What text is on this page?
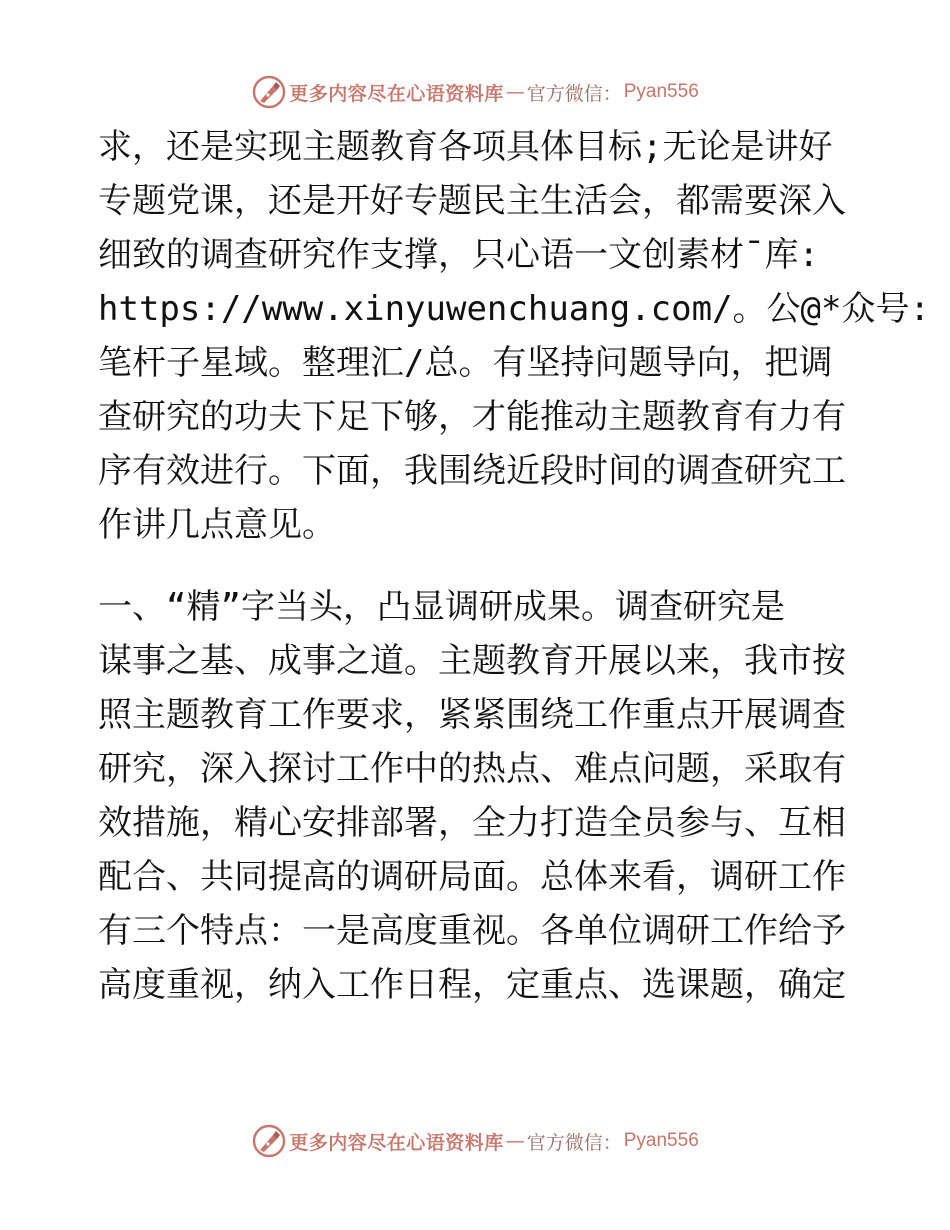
更多内容尽在心语资料库 — 官方微信： Pyan556

求，还是实现主题教育各项具体目标;无论是讲好
专题党课，还是开好专题民主生活会，都需要深入
细致的调查研究作支撑，只心语一文创素材¯库:
https://www.xinyuwenchuang.com/。公@*众号:
笔杆子星域。整理汇/总。有坚持问题导向，把调
查研究的功夫下足下够，才能推动主题教育有力有
序有效进行。下面，我围绕近段时间的调查研究工
作讲几点意见。

一、“精”字当头，凸显调研成果。调查研究是
谋事之基、成事之道。主题教育开展以来，我市按
照主题教育工作要求，紧紧围绕工作重点开展调查
研究，深入探讨工作中的热点、难点问题，采取有
效措施，精心安排部署，全力打造全员参与、互相
配合、共同提高的调研局面。总体来看，调研工作
有三个特点：一是高度重视。各单位调研工作给予
高度重视，纳入工作日程，定重点、选课题，确定

更多内容尽在心语资料库 — 官方微信： Pyan556
